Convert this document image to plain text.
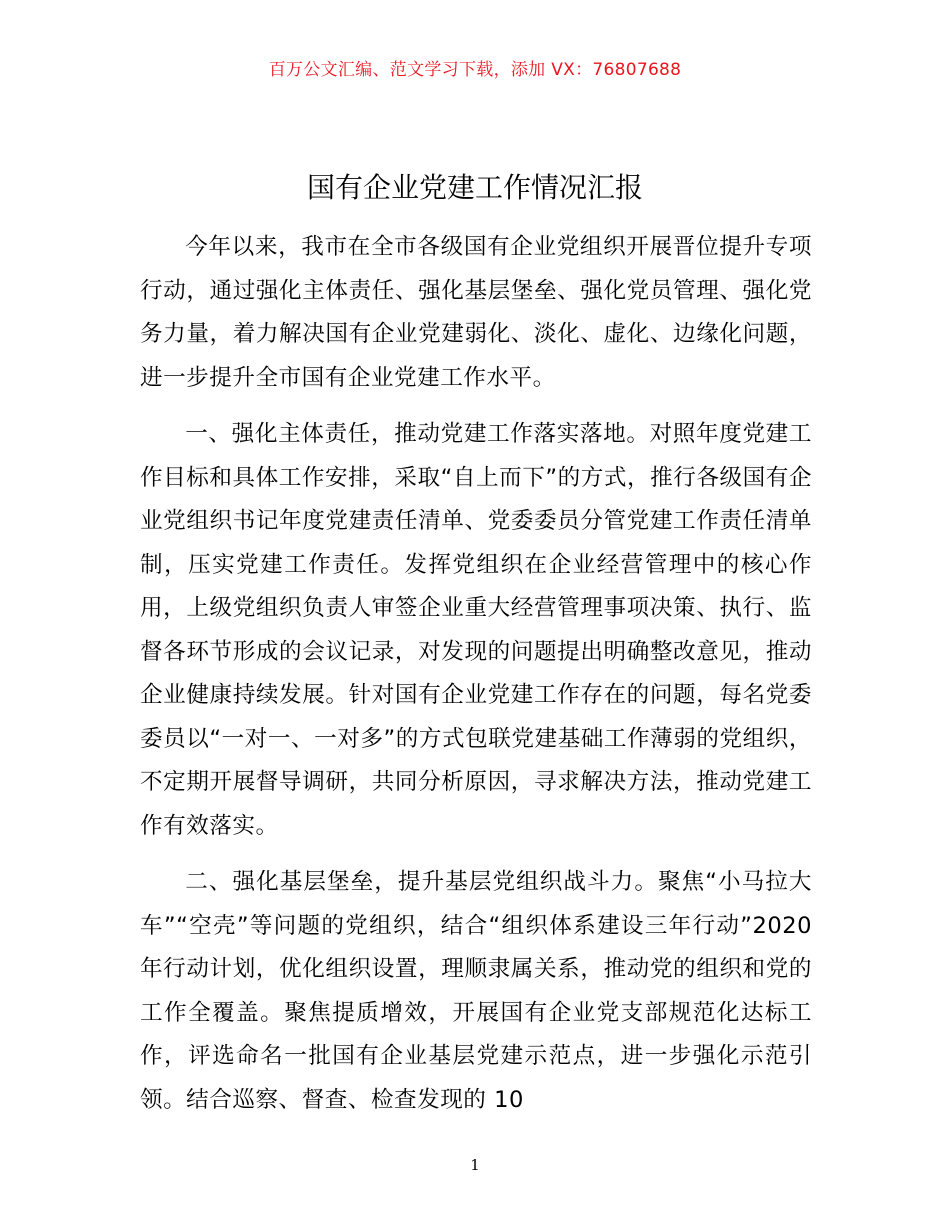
百万公文汇编、范文学习下载，添加 VX：76807688
国有企业党建工作情况汇报

今年以来，我市在全市各级国有企业党组织开展晋位提升专项行动，通过强化主体责任、强化基层堡垒、强化党员管理、强化党务力量，着力解决国有企业党建弱化、淡化、虚化、边缘化问题，进一步提升全市国有企业党建工作水平。

一、强化主体责任，推动党建工作落实落地。对照年度党建工作目标和具体工作安排，采取“自上而下”的方式，推行各级国有企业党组织书记年度党建责任清单、党委委员分管党建工作责任清单制，压实党建工作责任。发挥党组织在企业经营管理中的核心作用，上级党组织负责人审签企业重大经营管理事项决策、执行、监督各环节形成的会议记录，对发现的问题提出明确整改意见，推动企业健康持续发展。针对国有企业党建工作存在的问题，每名党委委员以“一对一、一对多”的方式包联党建基础工作薄弱的党组织，不定期开展督导调研，共同分析原因，寻求解决方法，推动党建工作有效落实。

二、强化基层堡垒，提升基层党组织战斗力。聚焦“小马拉大车”“空壳”等问题的党组织，结合“组织体系建设三年行动”2020 年行动计划，优化组织设置，理顺隶属关系，推动党的组织和党的工作全覆盖。聚焦提质增效，开展国有企业党支部规范化达标工作，评选命名一批国有企业基层党建示范点，进一步强化示范引领。结合巡察、督查、检查发现的 10

1
